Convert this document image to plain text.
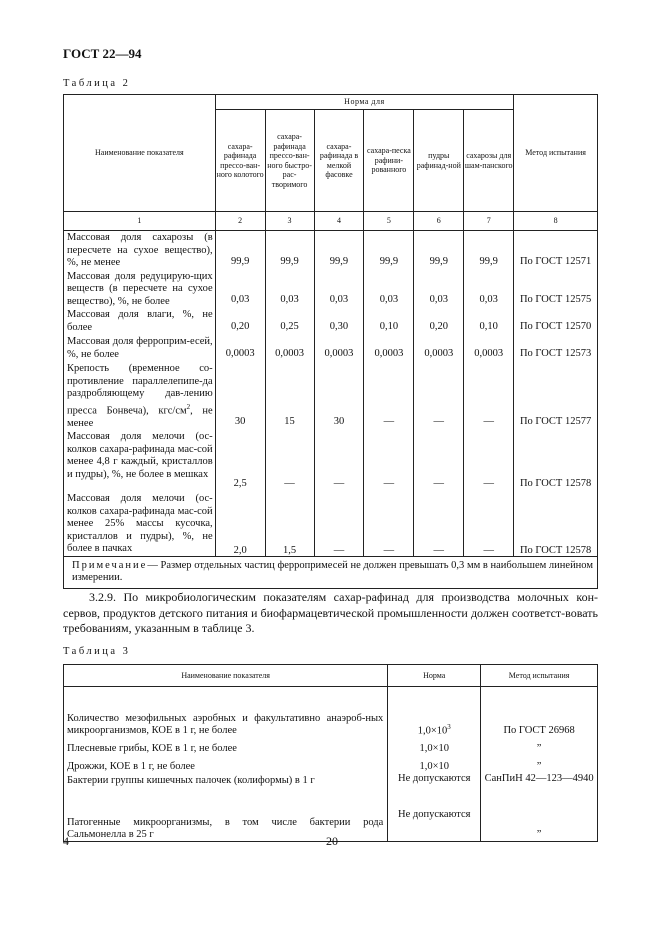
ГОСТ 22—94
Таблица 2
Наименование показателя	Норма для						Метод испытания
	сахара-рафинада прессо-ван-ного колотого	сахара-рафинада прессо-ван-ного быстро-рас-творимого	сахара-рафинада в мелкой фасовке	сахара-песка рафини-рованного	пудры рафинад-ной	сахарозы для шам-панского	
1	2	3	4	5	6	7	8
Массовая доля сахарозы (в пересчете на сухое вещество), %, не менее	99,9	99,9	99,9	99,9	99,9	99,9	По ГОСТ 12571
Массовая доля редуцирую-щих веществ (в пересчете на сухое вещество), %, не более	0,03	0,03	0,03	0,03	0,03	0,03	По ГОСТ 12575
Массовая доля влаги, %, не более	0,20	0,25	0,30	0,10	0,20	0,10	По ГОСТ 12570
Массовая доля ферроприм-есей, %, не более	0,0003	0,0003	0,0003	0,0003	0,0003	0,0003	По ГОСТ 12573
Крепость (временное со-противление параллелепипе-да раздробляющему дав-лению пресса Бонвеча), кгс/$см^2$, не менее	30	15	30	—	—	—	По ГОСТ 12577
Массовая доля мелочи (ос-колков сахара-рафинада мас-сой менее 4,8 г каждый, кристаллов и пудры), %, не более в мешках	2,5	—	—	—	—	—	По ГОСТ 12578
Массовая доля мелочи (ос-колков сахара-рафинада мас-сой менее 25% массы кусочка, кристаллов и пудры), %, не более в пачках	2,0	1,5	—	—	—	—	По ГОСТ 12578
Примечание— Размер отдельных частиц ферропримесей не должен превышать 0,3 мм в наибольшем линейном измерении.							
3.2.9. По микробиологическим показателям сахар-рафинад для производства молочных кон-сервов, продуктов детского питания и биофармацевтической промышленности должен соответст-вовать требованиям, указанным в таблице 3.
Таблица 3
Наименование показателя	Норма	Метод испытания

Количество мезофильных аэробных и факультативно анаэроб-ных микроорганизмов, КОЕ в 1 г, не более	$1,0\times 10^3$	По ГОСТ 26968
Плесневые грибы, КОЕ в 1 г, не более	1,0×10	”
Дрожжи, КОЕ в 1 г, не более	1,0×10	”
Бактерии группы кишечных палочек (колиформы) в 1 г	Не допускаются	СанПиН 42—123—4940
Патогенные микроорганизмы, в том числе бактерии рода Сальмонелла в 25 г	Не допускаются	”
4	20
